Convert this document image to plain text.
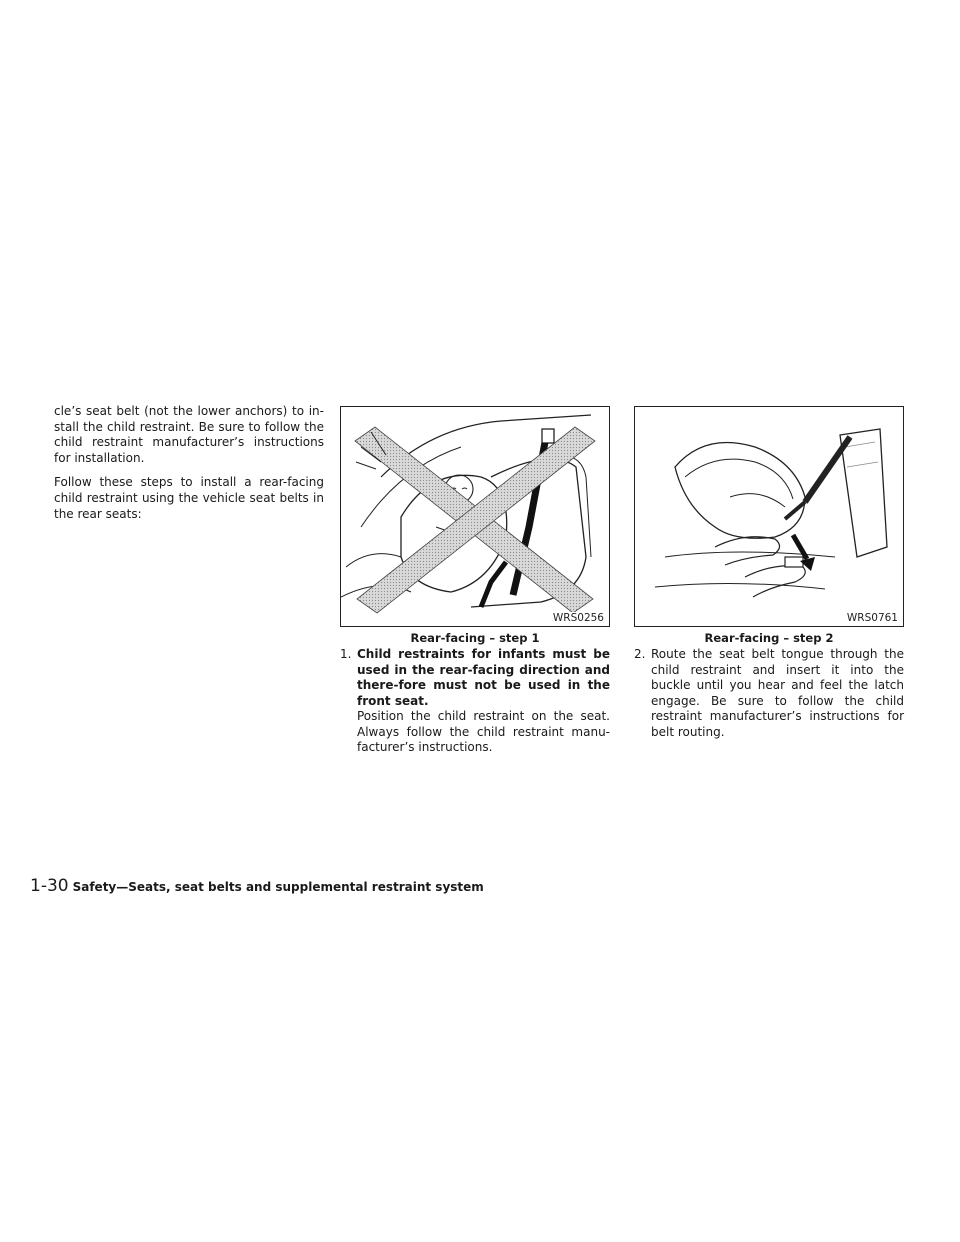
cle’s seat belt (not the lower anchors) to in-stall the child restraint. Be sure to follow the child restraint manufacturer’s instructions for installation.

Follow these steps to install a rear-facing child restraint using the vehicle seat belts in the rear seats:

WRS0256
Rear-facing – step 1
WRS0761
Rear-facing – step 2
1. Child restraints for infants must be used in the rear-facing direction and there-fore must not be used in the front seat.
Position the child restraint on the seat. Always follow the child restraint manu-facturer’s instructions.
2. Route the seat belt tongue through the child restraint and insert it into the buckle until you hear and feel the latch engage. Be sure to follow the child restraint manufacturer’s instructions for belt routing.
1-30 Safety—Seats, seat belts and supplemental restraint system
